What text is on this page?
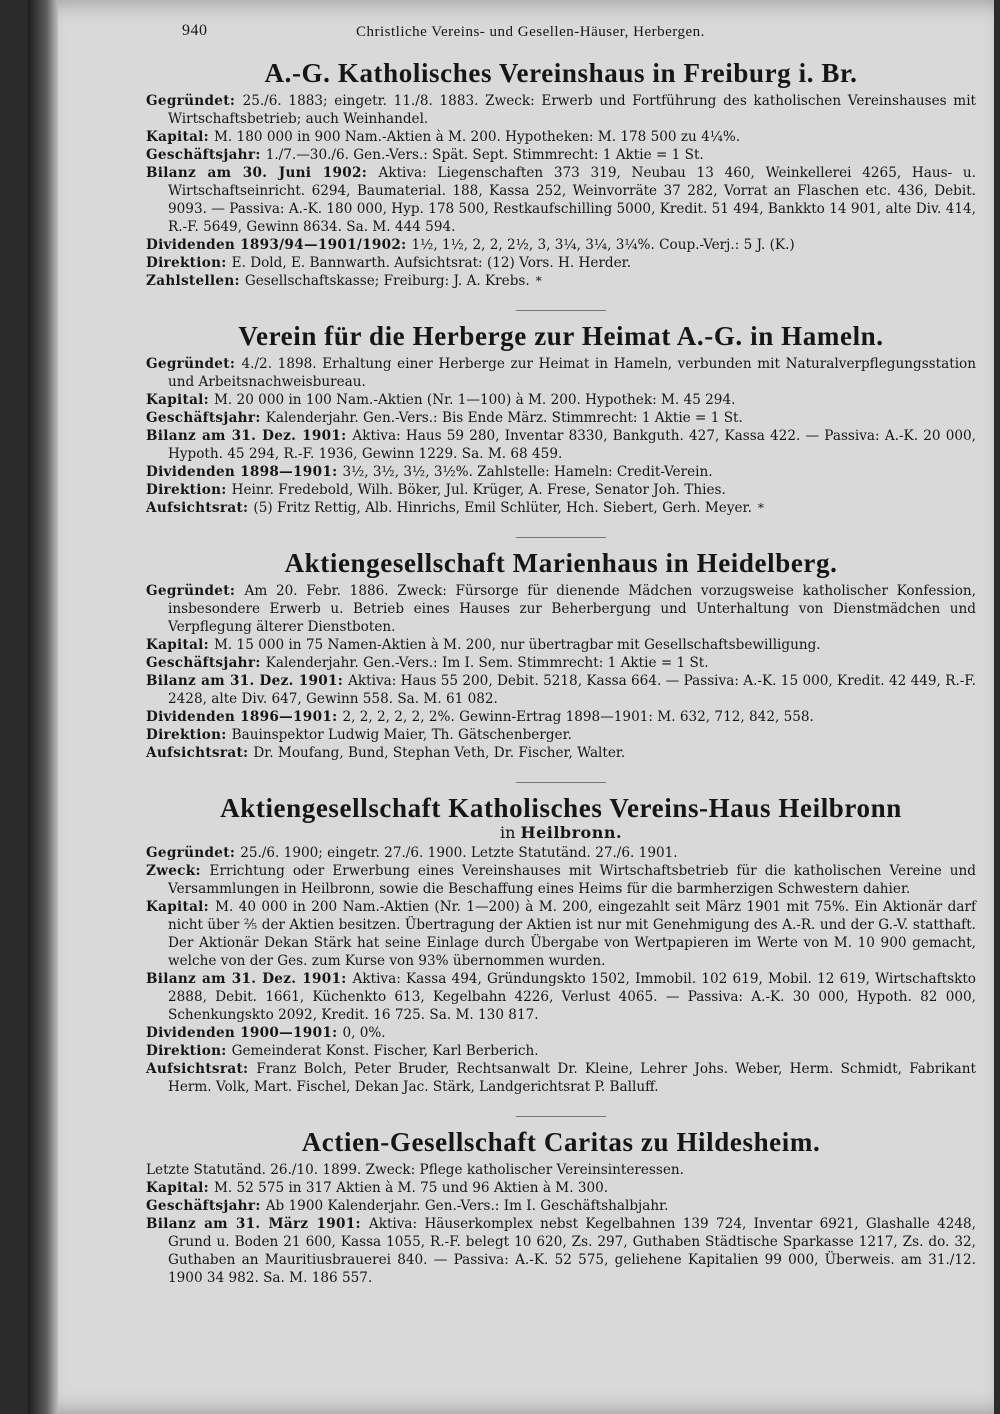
940	Christliche Vereins- und Gesellen-Häuser, Herbergen.
A.-G. Katholisches Vereinshaus in Freiburg i. Br.

Gegründet: 25./6. 1883; eingetr. 11./8. 1883. Zweck: Erwerb und Fortführung des katholischen Vereinshauses mit Wirtschaftsbetrieb; auch Weinhandel.

Kapital: M. 180 000 in 900 Nam.-Aktien à M. 200. Hypotheken: M. 178 500 zu 4¼%.

Geschäftsjahr: 1./7.—30./6. Gen.-Vers.: Spät. Sept. Stimmrecht: 1 Aktie = 1 St.

Bilanz am 30. Juni 1902: Aktiva: Liegenschaften 373 319, Neubau 13 460, Weinkellerei 4265, Haus- u. Wirtschaftseinricht. 6294, Baumaterial. 188, Kassa 252, Weinvorräte 37 282, Vorrat an Flaschen etc. 436, Debit. 9093. — Passiva: A.-K. 180 000, Hyp. 178 500, Restkaufschilling 5000, Kredit. 51 494, Bankkto 14 901, alte Div. 414, R.-F. 5649, Gewinn 8634. Sa. M. 444 594.

Dividenden 1893/94—1901/1902: 1½, 1½, 2, 2, 2½, 3, 3¼, 3¼, 3¼%. Coup.-Verj.: 5 J. (K.)

Direktion: E. Dold, E. Bannwarth. Aufsichtsrat: (12) Vors. H. Herder.

Zahlstellen: Gesellschaftskasse; Freiburg: J. A. Krebs. *

Verein für die Herberge zur Heimat A.-G. in Hameln.

Gegründet: 4./2. 1898. Erhaltung einer Herberge zur Heimat in Hameln, verbunden mit Naturalverpflegungsstation und Arbeitsnachweisbureau.

Kapital: M. 20 000 in 100 Nam.-Aktien (Nr. 1—100) à M. 200. Hypothek: M. 45 294.

Geschäftsjahr: Kalenderjahr. Gen.-Vers.: Bis Ende März. Stimmrecht: 1 Aktie = 1 St.

Bilanz am 31. Dez. 1901: Aktiva: Haus 59 280, Inventar 8330, Bankguth. 427, Kassa 422. — Passiva: A.-K. 20 000, Hypoth. 45 294, R.-F. 1936, Gewinn 1229. Sa. M. 68 459.

Dividenden 1898—1901: 3½, 3½, 3½, 3½%. Zahlstelle: Hameln: Credit-Verein.

Direktion: Heinr. Fredebold, Wilh. Böker, Jul. Krüger, A. Frese, Senator Joh. Thies.

Aufsichtsrat: (5) Fritz Rettig, Alb. Hinrichs, Emil Schlüter, Hch. Siebert, Gerh. Meyer. *

Aktiengesellschaft Marienhaus in Heidelberg.

Gegründet: Am 20. Febr. 1886. Zweck: Fürsorge für dienende Mädchen vorzugsweise katholischer Konfession, insbesondere Erwerb u. Betrieb eines Hauses zur Beherbergung und Unterhaltung von Dienstmädchen und Verpflegung älterer Dienstboten.

Kapital: M. 15 000 in 75 Namen-Aktien à M. 200, nur übertragbar mit Gesellschaftsbewilligung.

Geschäftsjahr: Kalenderjahr. Gen.-Vers.: Im I. Sem. Stimmrecht: 1 Aktie = 1 St.

Bilanz am 31. Dez. 1901: Aktiva: Haus 55 200, Debit. 5218, Kassa 664. — Passiva: A.-K. 15 000, Kredit. 42 449, R.-F. 2428, alte Div. 647, Gewinn 558. Sa. M. 61 082.

Dividenden 1896—1901: 2, 2, 2, 2, 2, 2%. Gewinn-Ertrag 1898—1901: M. 632, 712, 842, 558.

Direktion: Bauinspektor Ludwig Maier, Th. Gätschenberger.

Aufsichtsrat: Dr. Moufang, Bund, Stephan Veth, Dr. Fischer, Walter.

Aktiengesellschaft Katholisches Vereins-Haus Heilbronn
in Heilbronn.

Gegründet: 25./6. 1900; eingetr. 27./6. 1900. Letzte Statutänd. 27./6. 1901.

Zweck: Errichtung oder Erwerbung eines Vereinshauses mit Wirtschaftsbetrieb für die katholischen Vereine und Versammlungen in Heilbronn, sowie die Beschaffung eines Heims für die barmherzigen Schwestern dahier.

Kapital: M. 40 000 in 200 Nam.-Aktien (Nr. 1—200) à M. 200, eingezahlt seit März 1901 mit 75%. Ein Aktionär darf nicht über ⅖ der Aktien besitzen. Übertragung der Aktien ist nur mit Genehmigung des A.-R. und der G.-V. statthaft. Der Aktionär Dekan Stärk hat seine Einlage durch Übergabe von Wertpapieren im Werte von M. 10 900 gemacht, welche von der Ges. zum Kurse von 93% übernommen wurden.

Bilanz am 31. Dez. 1901: Aktiva: Kassa 494, Gründungskto 1502, Immobil. 102 619, Mobil. 12 619, Wirtschaftskto 2888, Debit. 1661, Küchenkto 613, Kegelbahn 4226, Verlust 4065. — Passiva: A.-K. 30 000, Hypoth. 82 000, Schenkungskto 2092, Kredit. 16 725. Sa. M. 130 817.

Dividenden 1900—1901: 0, 0%.

Direktion: Gemeinderat Konst. Fischer, Karl Berberich.

Aufsichtsrat: Franz Bolch, Peter Bruder, Rechtsanwalt Dr. Kleine, Lehrer Johs. Weber, Herm. Schmidt, Fabrikant Herm. Volk, Mart. Fischel, Dekan Jac. Stärk, Landgerichtsrat P. Balluff.

Actien-Gesellschaft Caritas zu Hildesheim.

Letzte Statutänd. 26./10. 1899. Zweck: Pflege katholischer Vereinsinteressen.

Kapital: M. 52 575 in 317 Aktien à M. 75 und 96 Aktien à M. 300.

Geschäftsjahr: Ab 1900 Kalenderjahr. Gen.-Vers.: Im I. Geschäftshalbjahr.

Bilanz am 31. März 1901: Aktiva: Häuserkomplex nebst Kegelbahnen 139 724, Inventar 6921, Glashalle 4248, Grund u. Boden 21 600, Kassa 1055, R.-F. belegt 10 620, Zs. 297, Guthaben Städtische Sparkasse 1217, Zs. do. 32, Guthaben an Mauritiusbrauerei 840. — Passiva: A.-K. 52 575, geliehene Kapitalien 99 000, Überweis. am 31./12. 1900 34 982. Sa. M. 186 557.
